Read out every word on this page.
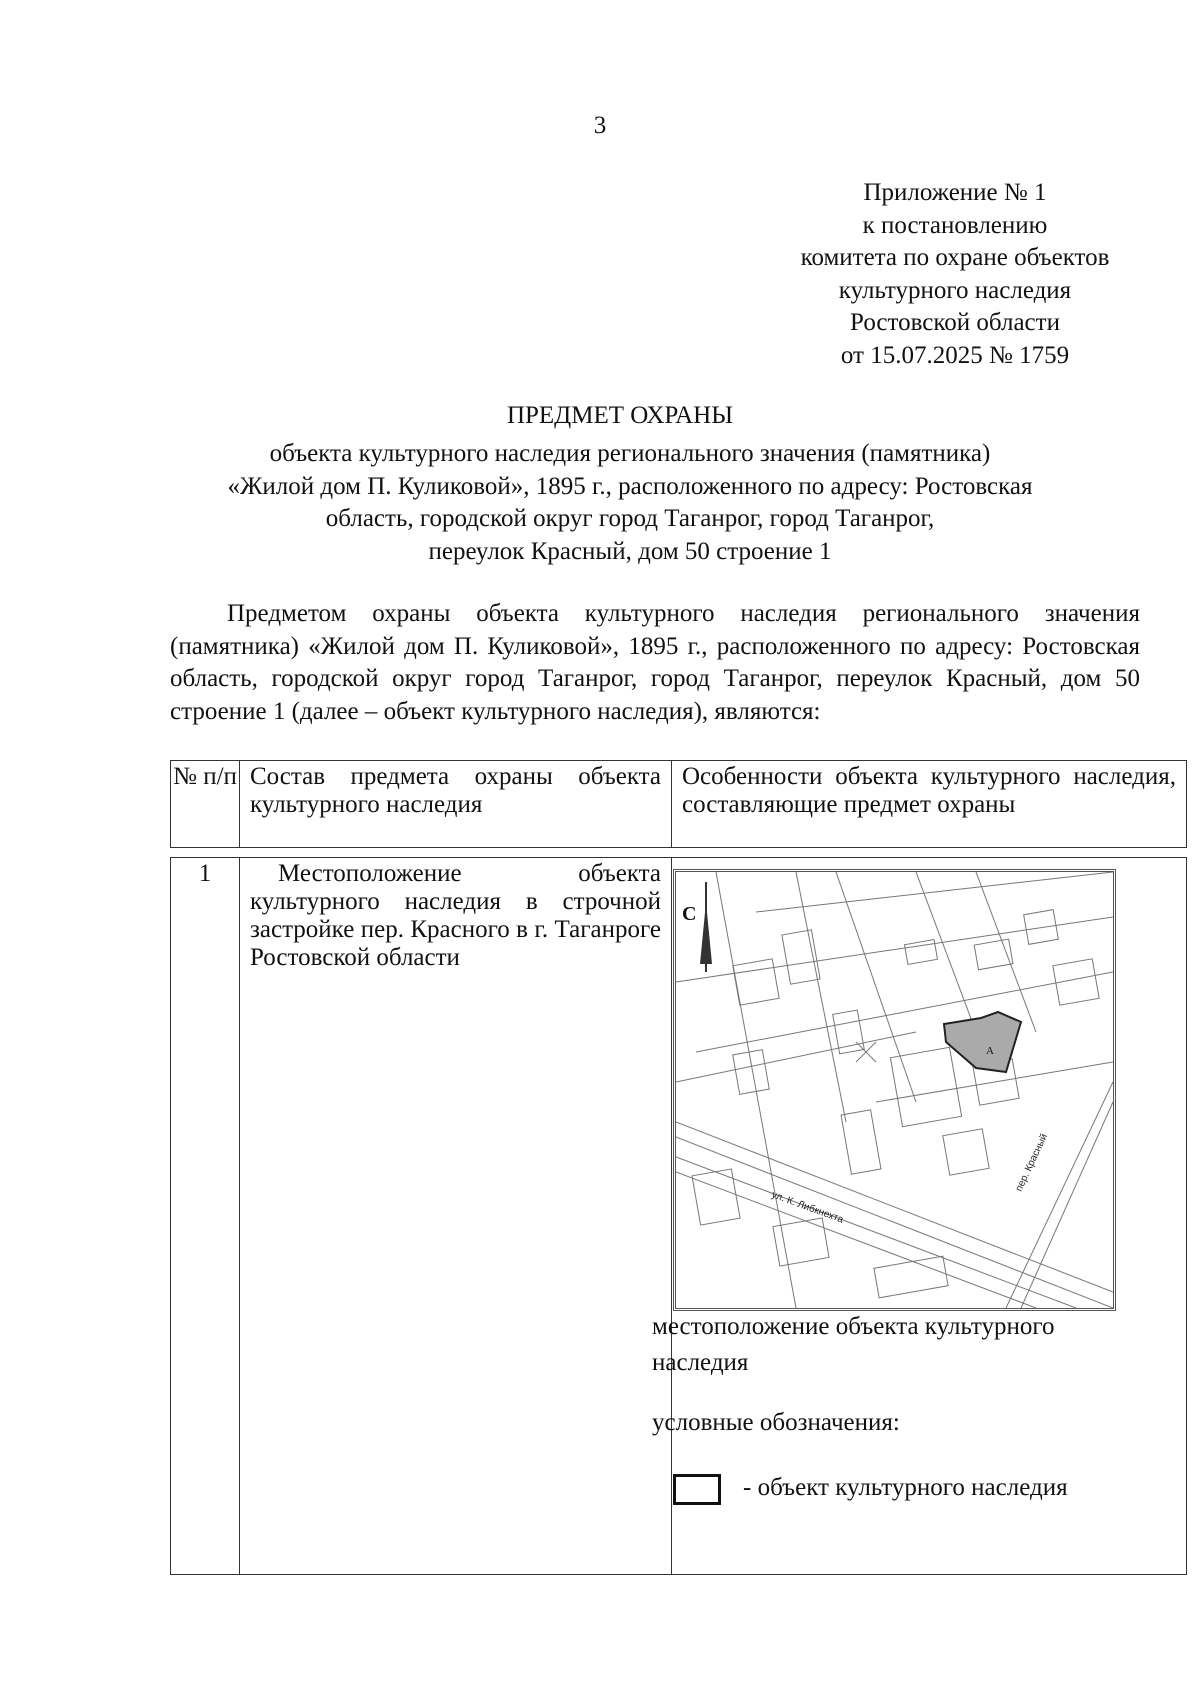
3
Приложение № 1
к постановлению
комитета по охране объектов
культурного наследия
Ростовской области
от 15.07.2025 № 1759
ПРЕДМЕТ ОХРАНЫ
объекта культурного наследия регионального значения (памятника)
«Жилой дом П. Куликовой», 1895 г., расположенного по адресу: Ростовская
область, городской округ город Таганрог, город Таганрог,
переулок Красный, дом 50 строение 1
Предметом охраны объекта культурного наследия регионального значения (памятника) «Жилой дом П. Куликовой», 1895 г., расположенного по адресу: Ростовская область, городской округ город Таганрог, город Таганрог, переулок Красный, дом 50 строение 1 (далее – объект культурного наследия), являются:
№ п/п	Состав предмета охраны объекта культурного наследия	Особенности объекта культурного наследия, составляющие предмет охраны
1	Местоположение объекта культурного наследия в строчной застройке пер. Красного в г. Таганроге Ростовской области	
А
С
ул. К. Либкнехта
пер. Красный
местоположение объекта культурного наследия
условные обозначения:
- объект культурного наследия
